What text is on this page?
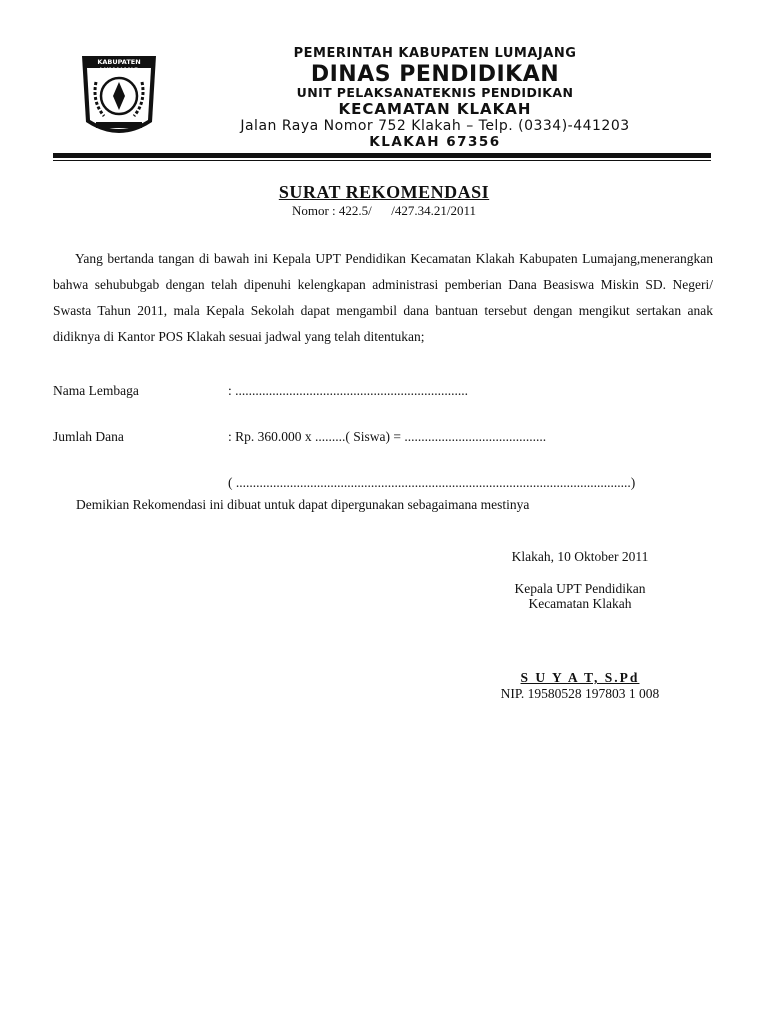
KABUPATEN LUMAJANG
PEMERINTAH KABUPATEN LUMAJANG
DINAS PENDIDIKAN
UNIT PELAKSANATEKNIS PENDIDIKAN
KECAMATAN KLAKAH
Jalan Raya Nomor 752 Klakah – Telp. (0334)-441203
KLAKAH 67356
SURAT REKOMENDASI
Nomor : 422.5/      /427.34.21/2011
Yang bertanda tangan di bawah ini Kepala UPT Pendidikan Kecamatan Klakah Kabupaten Lumajang,menerangkan bahwa sehububgab dengan telah dipenuhi kelengkapan administrasi pemberian Dana Beasiswa Miskin SD. Negeri/ Swasta Tahun 2011, mala Kepala Sekolah dapat mengambil dana bantuan tersebut dengan mengikut sertakan anak didiknya di Kantor POS Klakah sesuai jadwal yang telah ditentukan;
Nama Lembaga	: .....................................................................
Jumlah Dana	: Rp. 360.000 x .........( Siswa) = ..........................................
( .....................................................................................................................)
Demikian Rekomendasi ini dibuat untuk dapat dipergunakan sebagaimana mestinya
Klakah, 10 Oktober 2011
Kepala UPT Pendidikan
Kecamatan Klakah
S U Y A T, S.Pd
NIP. 19580528 197803 1 008
